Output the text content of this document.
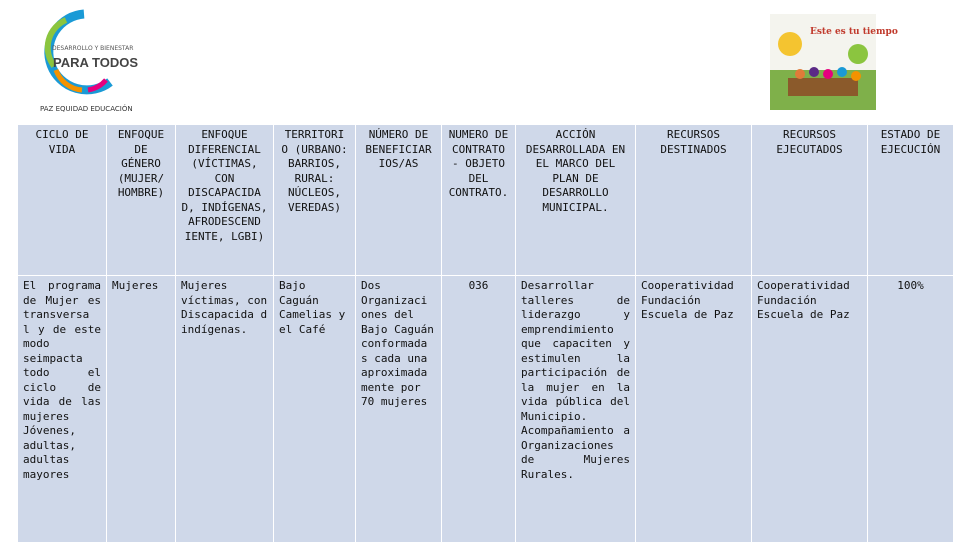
DESARROLLO Y BIENESTAR
PARA TODOS
PAZ EQUIDAD EDUCACIÓN
Este es tu tiempo
CICLO DE VIDA	ENFOQUE DE GÉNERO (MUJER/ HOMBRE)	ENFOQUE DIFERENCIAL (VÍCTIMAS, CON DISCAPACIDA D, INDÍGENAS, AFRODESCEND IENTE, LGBI)	TERRITORI O (URBANO: BARRIOS, RURAL: NÚCLEOS, VEREDAS)	NÚMERO DE BENEFICIAR IOS/AS	NUMERO DE CONTRATO - OBJETO DEL CONTRATO.	ACCIÓN DESARROLLADA EN EL MARCO DEL PLAN DE DESARROLLO MUNICIPAL.	RECURSOS DESTINADOS	RECURSOS EJECUTADOS	ESTADO DE EJECUCIÓN
El programa de Mujer es transversa l y de este modo seimpacta todo el ciclo de vida de las mujeres Jóvenes, adultas, adultas mayores	Mujeres	Mujeres víctimas, con Discapacida d indígenas.	Bajo Caguán Camelias y el Café	Dos Organizaci ones del Bajo Caguán conformada s cada una aproximada mente por 70 mujeres	036	Desarrollar talleres de liderazgo y emprendimiento que capaciten y estimulen la participación de la mujer en la vida pública del Municipio. Acompañamiento a Organizaciones de Mujeres Rurales.	Cooperatividad Fundación Escuela de Paz	Cooperatividad Fundación Escuela de Paz	100%
